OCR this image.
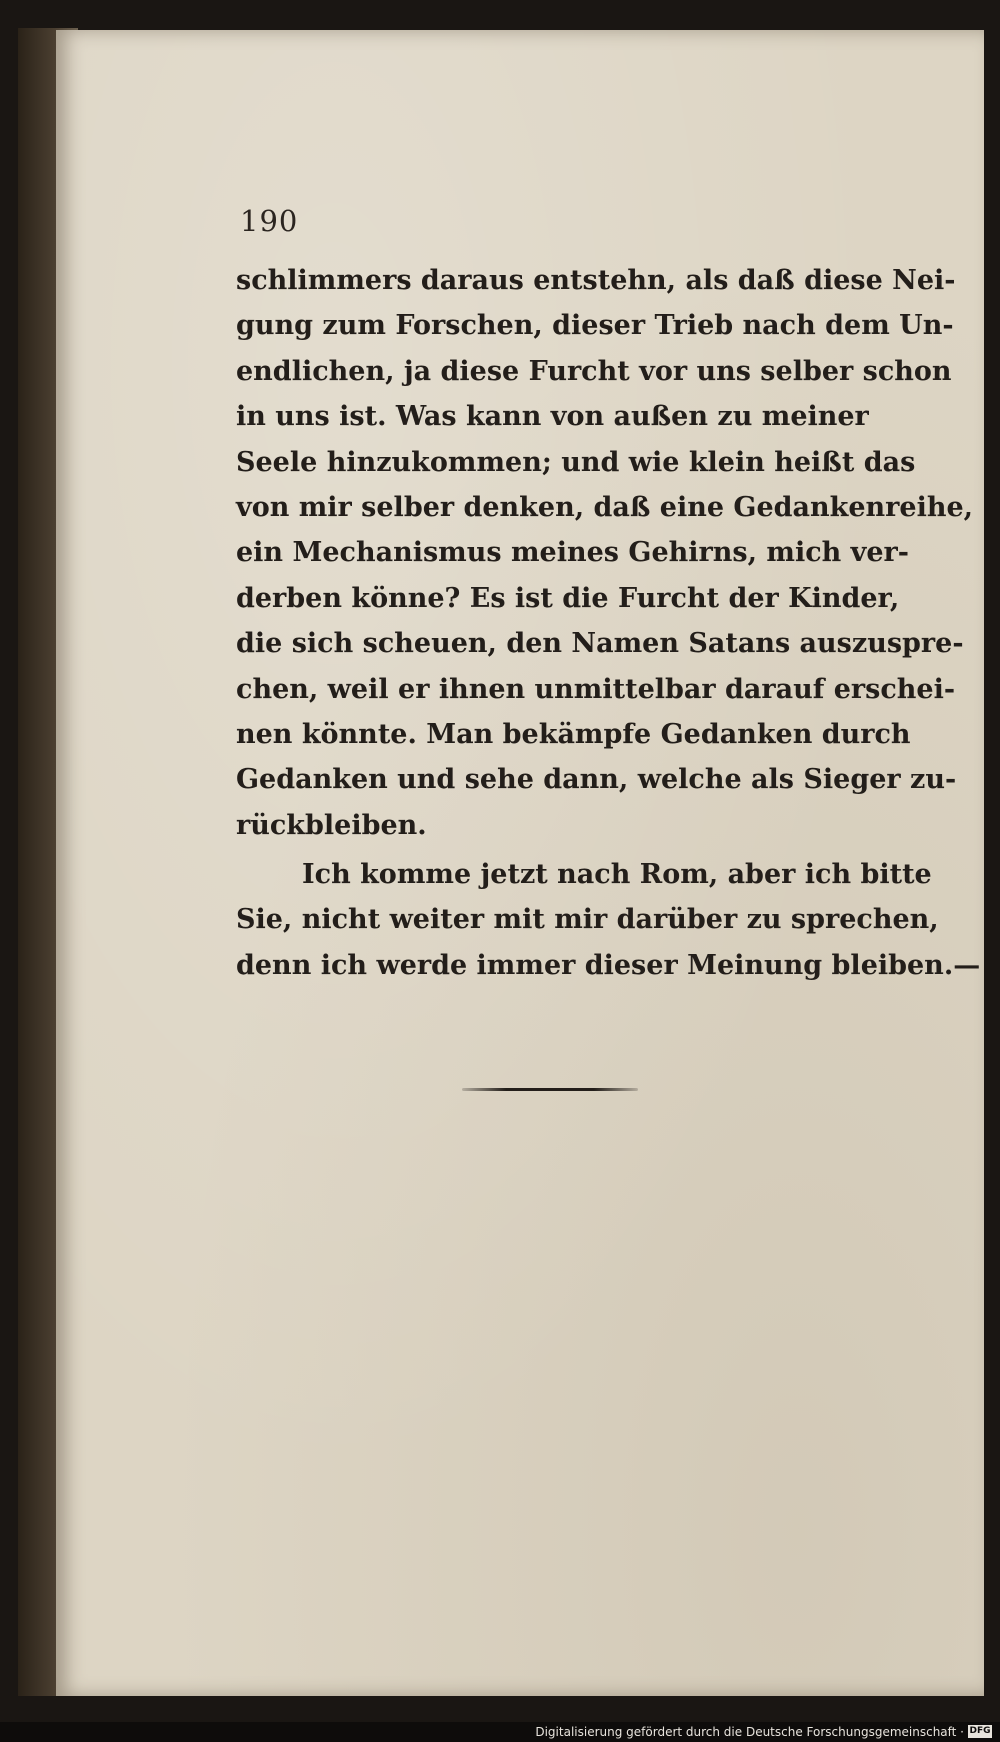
190
schlimmers daraus entstehn, als daß diese Nei-
gung zum Forschen, dieser Trieb nach dem Un-
endlichen, ja diese Furcht vor uns selber schon
in uns ist. Was kann von außen zu meiner
Seele hinzukommen; und wie klein heißt das
von mir selber denken, daß eine Gedankenreihe,
ein Mechanismus meines Gehirns, mich ver-
derben könne? Es ist die Furcht der Kinder,
die sich scheuen, den Namen Satans auszuspre-
chen, weil er ihnen unmittelbar darauf erschei-
nen könnte. Man bekämpfe Gedanken durch
Gedanken und sehe dann, welche als Sieger zu-
rückbleiben.
Ich komme jetzt nach Rom, aber ich bitte
Sie, nicht weiter mit mir darüber zu sprechen,
denn ich werde immer dieser Meinung bleiben.—
Digitalisierung gefördert durch die Deutsche Forschungsgemeinschaft · DFG
